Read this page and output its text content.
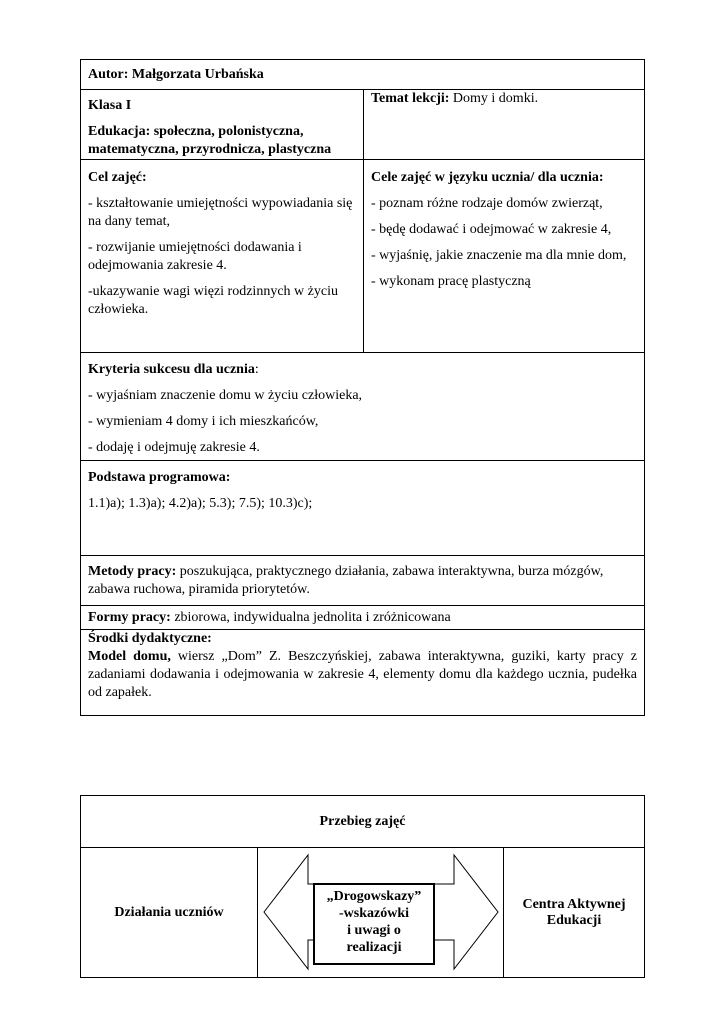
Autor: Małgorzata Urbańska

Klasa I

Edukacja: społeczna, polonistyczna, matematyczna, przyrodnicza, plastyczna

Temat lekcji: Domy i domki.

Cel zajęć:

- kształtowanie umiejętności wypowiadania się na dany temat,

- rozwijanie umiejętności dodawania i odejmowania zakresie 4.

-ukazywanie wagi więzi rodzinnych w życiu człowieka.

Cele zajęć w języku ucznia/ dla ucznia:

- poznam różne rodzaje domów zwierząt,

- będę dodawać i odejmować w zakresie 4,

- wyjaśnię, jakie znaczenie ma dla mnie dom,

- wykonam pracę plastyczną

Kryteria sukcesu dla ucznia:

- wyjaśniam znaczenie domu w życiu człowieka,

- wymieniam 4 domy i ich mieszkańców,

- dodaję i odejmuję zakresie 4.

Podstawa programowa:

1.1)a); 1.3)a); 4.2)a); 5.3); 7.5); 10.3)c);

Metody pracy: poszukująca, praktycznego działania, zabawa interaktywna, burza mózgów, zabawa ruchowa, piramida priorytetów.

Formy pracy: zbiorowa, indywidualna jednolita i zróżnicowana

Środki dydaktyczne:

Model domu, wiersz „Dom” Z. Beszczyńskiej, zabawa interaktywna, guziki, karty pracy z zadaniami dodawania i odejmowania w zakresie 4, elementy domu dla każdego ucznia, pudełka od zapałek.

Przebieg zajęć
Działania uczniów
„Drogowskazy”
-wskazówki
i uwagi o
realizacji
Centra Aktywnej Edukacji
